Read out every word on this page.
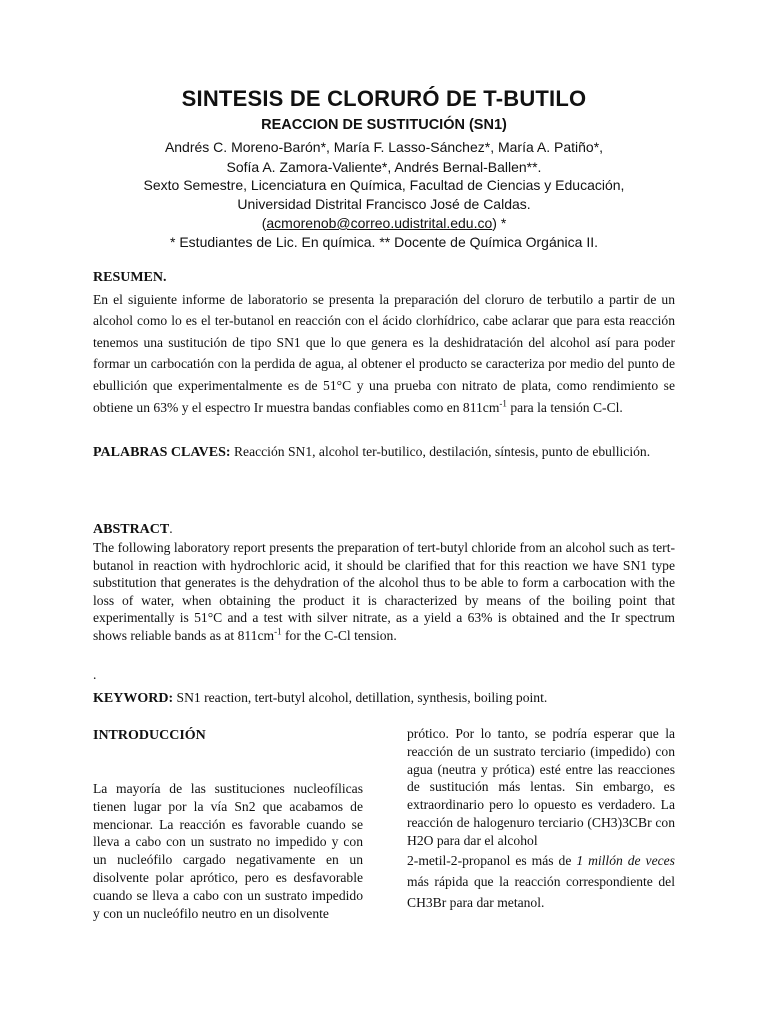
SINTESIS DE CLORURÓ DE T-BUTILO
REACCION DE SUSTITUCIÓN (SN1)
Andrés C. Moreno-Barón*, María F. Lasso-Sánchez*, María A. Patiño*,
Sofía A. Zamora-Valiente*, Andrés Bernal-Ballen**.
Sexto Semestre, Licenciatura en Química, Facultad de Ciencias y Educación,
Universidad Distrital Francisco José de Caldas.
(acmorenob@correo.udistrital.edu.co) *
* Estudiantes de Lic. En química. ** Docente de Química Orgánica II.
RESUMEN.
En el siguiente informe de laboratorio se presenta la preparación del cloruro de terbutilo a partir de un alcohol como lo es el ter-butanol en reacción con el ácido clorhídrico, cabe aclarar que para esta reacción tenemos una sustitución de tipo SN1 que lo que genera es la deshidratación del alcohol así para poder formar un carbocatión con la perdida de agua, al obtener el producto se caracteriza por medio del punto de ebullición que experimentalmente es de 51°C y una prueba con nitrato de plata, como rendimiento se obtiene un 63% y el espectro Ir muestra bandas confiables como en $811cm^{-1}$ para la tensión C-Cl.
PALABRAS CLAVES: Reacción SN1, alcohol ter-butilico, destilación, síntesis, punto de ebullición.
ABSTRACT.
The following laboratory report presents the preparation of tert-butyl chloride from an alcohol such as tert-butanol in reaction with hydrochloric acid, it should be clarified that for this reaction we have SN1 type substitution that generates is the dehydration of the alcohol thus to be able to form a carbocation with the loss of water, when obtaining the product it is characterized by means of the boiling point that experimentally is 51°C and a test with silver nitrate, as a yield a 63% is obtained and the Ir spectrum shows reliable bands as at $811cm^{-1}$ for the C-Cl tension.
.
KEYWORD: SN1 reaction, tert-butyl alcohol, detillation, synthesis, boiling point.
INTRODUCCIÓN

La mayoría de las sustituciones nucleofílicas tienen lugar por la vía Sn2 que acabamos de mencionar. La reacción es favorable cuando se lleva a cabo con un sustrato no impedido y con un nucleófilo cargado negativamente en un disolvente polar aprótico, pero es desfavorable cuando se lleva a cabo con un sustrato impedido y con un nucleófilo neutro en un disolvente

prótico. Por lo tanto, se podría esperar que la reacción de un sustrato terciario (impedido) con agua (neutra y prótica) esté entre las reacciones de sustitución más lentas. Sin embargo, es extraordinario pero lo opuesto es verdadero. La reacción de halogenuro terciario (CH3)3CBr con H2O para dar el alcohol

2-metil-2-propanol es más de 1 millón de veces más rápida que la reacción correspondiente del CH3Br para dar metanol.
